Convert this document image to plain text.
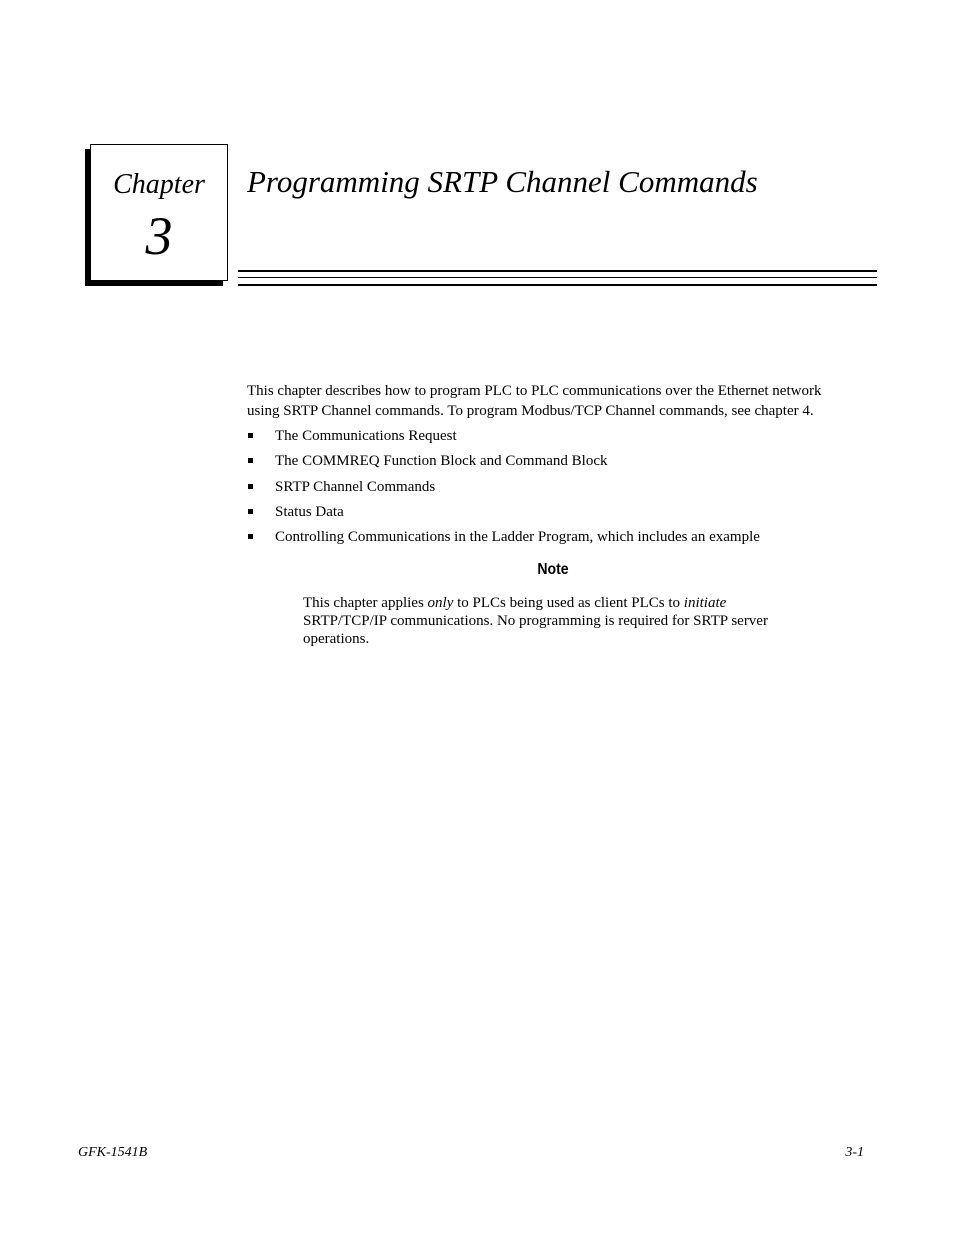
Chapter
3
Programming SRTP Channel Commands

This chapter describes how to program PLC to PLC communications over the Ethernet network using SRTP Channel commands. To program Modbus/TCP Channel commands, see chapter 4.

The Communications Request
The COMMREQ Function Block and Command Block
SRTP Channel Commands
Status Data
Controlling Communications in the Ladder Program, which includes an example
Note

This chapter applies only to PLCs being used as client PLCs to initiate SRTP/TCP/IP communications. No programming is required for SRTP server operations.

GFK-1541B	3-1
